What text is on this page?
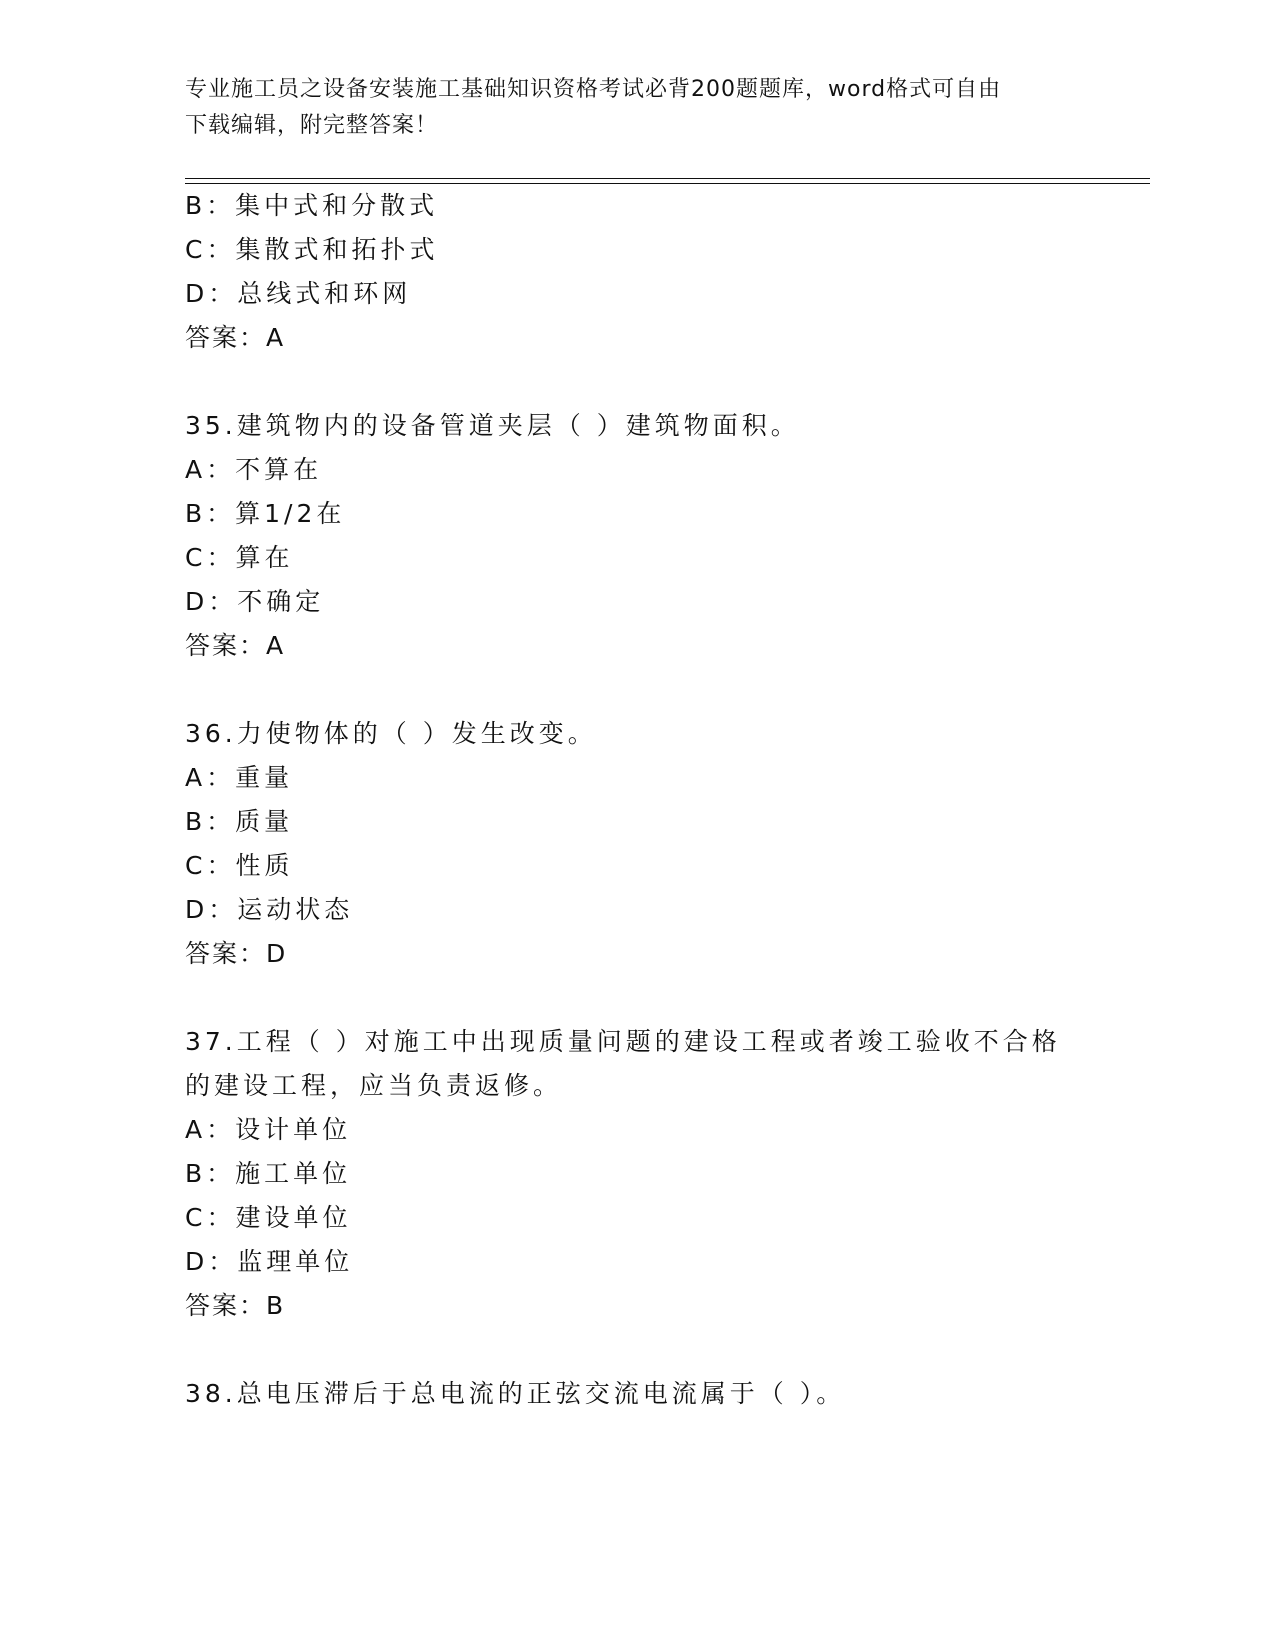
专业施工员之设备安装施工基础知识资格考试必背200题题库，word格式可自由
下载编辑，附完整答案！
B：集中式和分散式
C：集散式和拓扑式
D：总线式和环网
答案：A
35.建筑物内的设备管道夹层（ ）建筑物面积。
A：不算在
B：算1/2在
C：算在
D：不确定
答案：A
36.力使物体的（ ）发生改变。
A：重量
B：质量
C：性质
D：运动状态
答案：D
37.工程（ ）对施工中出现质量问题的建设工程或者竣工验收不合格
的建设工程，应当负责返修。
A：设计单位
B：施工单位
C：建设单位
D：监理单位
答案：B
38.总电压滞后于总电流的正弦交流电流属于（ ）。
